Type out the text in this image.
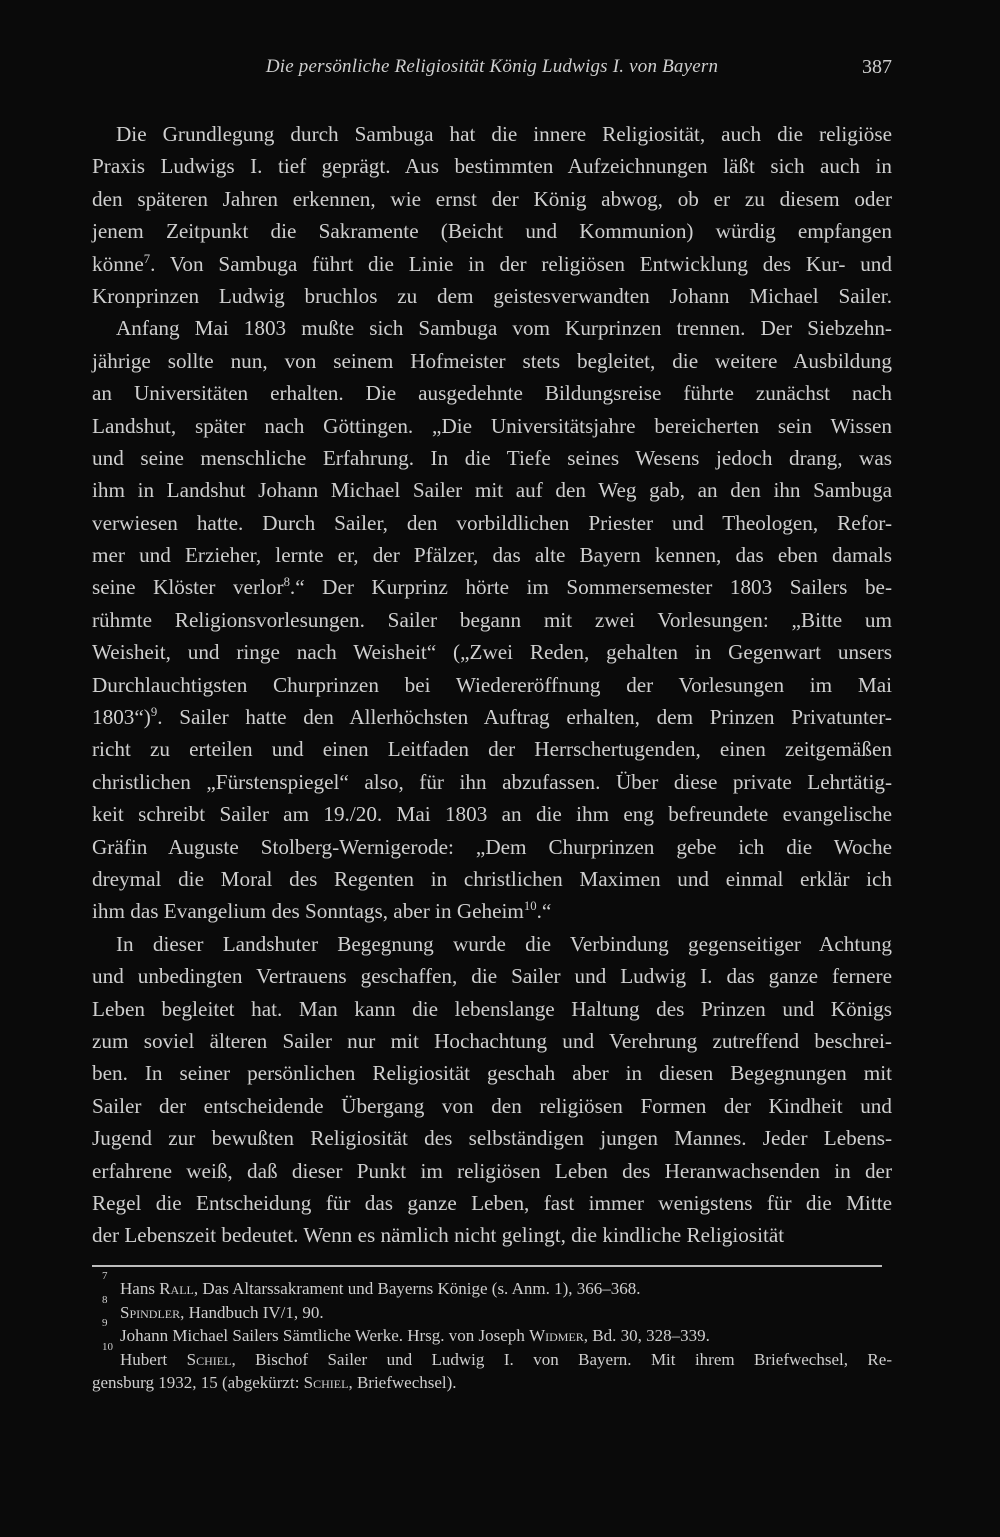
Die persönliche Religiosität König Ludwigs I. von Bayern	387
Die Grundlegung durch Sambuga hat die innere Religiosität, auch die religiöse
Praxis Ludwigs I. tief geprägt. Aus bestimmten Aufzeichnungen läßt sich auch in
den späteren Jahren erkennen, wie ernst der König abwog, ob er zu diesem oder
jenem Zeitpunkt die Sakramente (Beicht und Kommunion) würdig empfangen
könne$^7$. Von Sambuga führt die Linie in der religiösen Entwicklung des Kur- und
Kronprinzen Ludwig bruchlos zu dem geistesverwandten Johann Michael Sailer.
Anfang Mai 1803 mußte sich Sambuga vom Kurprinzen trennen. Der Siebzehn-
jährige sollte nun, von seinem Hofmeister stets begleitet, die weitere Ausbildung
an Universitäten erhalten. Die ausgedehnte Bildungsreise führte zunächst nach
Landshut, später nach Göttingen. „Die Universitätsjahre bereicherten sein Wissen
und seine menschliche Erfahrung. In die Tiefe seines Wesens jedoch drang, was
ihm in Landshut Johann Michael Sailer mit auf den Weg gab, an den ihn Sambuga
verwiesen hatte. Durch Sailer, den vorbildlichen Priester und Theologen, Refor-
mer und Erzieher, lernte er, der Pfälzer, das alte Bayern kennen, das eben damals
seine Klöster verlor$^8$.“ Der Kurprinz hörte im Sommersemester 1803 Sailers be-
rühmte Religionsvorlesungen. Sailer begann mit zwei Vorlesungen: „Bitte um
Weisheit, und ringe nach Weisheit“ („Zwei Reden, gehalten in Gegenwart unsers
Durchlauchtigsten Churprinzen bei Wiedereröffnung der Vorlesungen im Mai
1803“)$^9$. Sailer hatte den Allerhöchsten Auftrag erhalten, dem Prinzen Privatunter-
richt zu erteilen und einen Leitfaden der Herrschertugenden, einen zeitgemäßen
christlichen „Fürstenspiegel“ also, für ihn abzufassen. Über diese private Lehrtätig-
keit schreibt Sailer am 19./20. Mai 1803 an die ihm eng befreundete evangelische
Gräfin Auguste Stolberg-Wernigerode: „Dem Churprinzen gebe ich die Woche
dreymal die Moral des Regenten in christlichen Maximen und einmal erklär ich
ihm das Evangelium des Sonntags, aber in Geheim$^{10}$.“
In dieser Landshuter Begegnung wurde die Verbindung gegenseitiger Achtung
und unbedingten Vertrauens geschaffen, die Sailer und Ludwig I. das ganze fernere
Leben begleitet hat. Man kann die lebenslange Haltung des Prinzen und Königs
zum soviel älteren Sailer nur mit Hochachtung und Verehrung zutreffend beschrei-
ben. In seiner persönlichen Religiosität geschah aber in diesen Begegnungen mit
Sailer der entscheidende Übergang von den religiösen Formen der Kindheit und
Jugend zur bewußten Religiosität des selbständigen jungen Mannes. Jeder Lebens-
erfahrene weiß, daß dieser Punkt im religiösen Leben des Heranwachsenden in der
Regel die Entscheidung für das ganze Leben, fast immer wenigstens für die Mitte
der Lebenszeit bedeutet. Wenn es nämlich nicht gelingt, die kindliche Religiosität
7
Hans Rall, Das Altarssakrament und Bayerns Könige (s. Anm. 1), 366–368.
8
Spindler, Handbuch IV/1, 90.
9
Johann Michael Sailers Sämtliche Werke. Hrsg. von Joseph Widmer, Bd. 30, 328–339.
10
Hubert Schiel, Bischof Sailer und Ludwig I. von Bayern. Mit ihrem Briefwechsel, Re-
gensburg 1932, 15 (abgekürzt: Schiel, Briefwechsel).
